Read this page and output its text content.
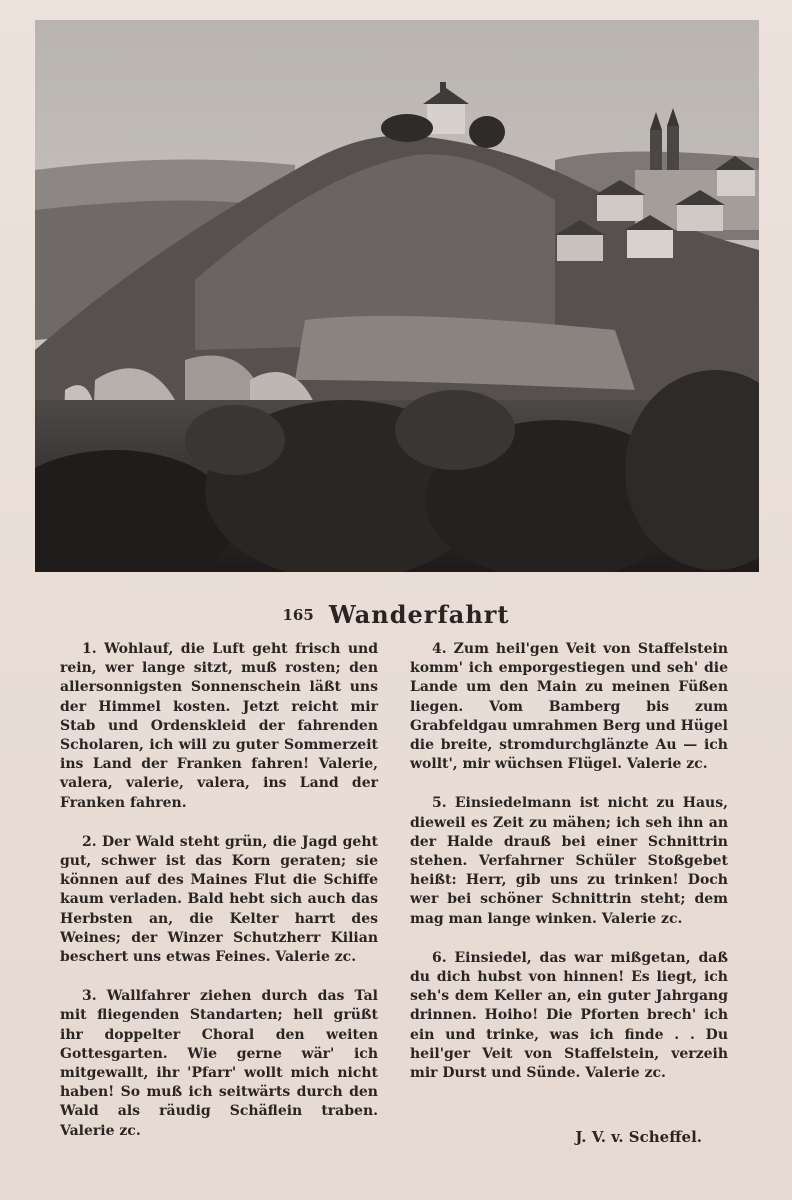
165 Wanderfahrt

1. Wohlauf, die Luft geht frisch und rein, wer lange sitzt, muß rosten; den allersonnigsten Sonnenschein läßt uns der Himmel kosten. Jetzt reicht mir Stab und Ordenskleid der fahrenden Scholaren, ich will zu guter Sommerzeit ins Land der Franken fahren! Valerie, valera, valerie, valera, ins Land der Franken fahren.

2. Der Wald steht grün, die Jagd geht gut, schwer ist das Korn geraten; sie können auf des Maines Flut die Schiffe kaum verladen. Bald hebt sich auch das Herbsten an, die Kelter harrt des Weines; der Winzer Schutzherr Kilian beschert uns etwas Feines. Valerie zc.

3. Wallfahrer ziehen durch das Tal mit fliegenden Standarten; hell grüßt ihr doppelter Choral den weiten Gottesgarten. Wie gerne wär' ich mitgewallt, ihr 'Pfarr' wollt mich nicht haben! So muß ich seitwärts durch den Wald als räudig Schäflein traben. Valerie zc.

4. Zum heil'gen Veit von Staffelstein komm' ich emporgestiegen und seh' die Lande um den Main zu meinen Füßen liegen. Vom Bamberg bis zum Grabfeldgau umrahmen Berg und Hügel die breite, stromdurchglänzte Au — ich wollt', mir wüchsen Flügel. Valerie zc.

5. Einsiedelmann ist nicht zu Haus, dieweil es Zeit zu mähen; ich seh ihn an der Halde drauß bei einer Schnittrin stehen. Verfahrner Schüler Stoßgebet heißt: Herr, gib uns zu trinken! Doch wer bei schöner Schnittrin steht; dem mag man lange winken. Valerie zc.

6. Einsiedel, das war mißgetan, daß du dich hubst von hinnen! Es liegt, ich seh's dem Keller an, ein guter Jahrgang drinnen. Hoiho! Die Pforten brech' ich ein und trinke, was ich finde . . Du heil'ger Veit von Staffelstein, verzeih mir Durst und Sünde. Valerie zc.

J. V. v. Scheffel.
